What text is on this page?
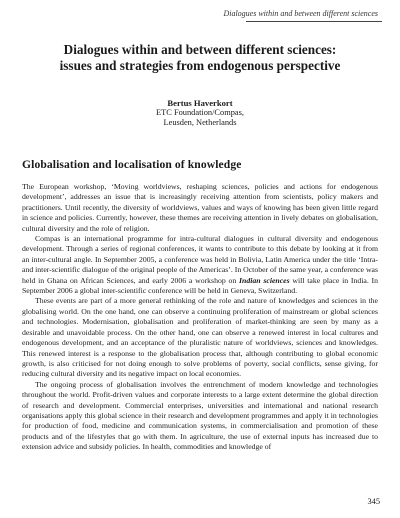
Dialogues within and between different sciences
Dialogues within and between different sciences:
issues and strategies from endogenous perspective
Bertus Haverkort
ETC Foundation/Compas,
Leusden, Netherlands
Globalisation and localisation of knowledge

The European workshop, ‘Moving worldviews, reshaping sciences, policies and actions for endogenous development’, addresses an issue that is increasingly receiving attention from scientists, policy makers and practitioners. Until recently, the diversity of worldviews, values and ways of knowing has been given little regard in science and policies. Currently, however, these themes are receiving attention in lively debates on globalisation, cultural diversity and the role of religion.

Compas is an international programme for intra-cultural dialogues in cultural diversity and endogenous development. Through a series of regional conferences, it wants to contribute to this debate by looking at it from an inter-cultural angle. In September 2005, a conference was held in Bolivia, Latin America under the title ‘Intra- and inter-scientific dialogue of the original people of the Americas’. In October of the same year, a conference was held in Ghana on African Sciences, and early 2006 a workshop on Indian sciences will take place in India. In September 2006 a global inter-scientific conference will be held in Geneva, Switzerland.

These events are part of a more general rethinking of the role and nature of knowledges and sciences in the globalising world. On the one hand, one can observe a continuing proliferation of mainstream or global sciences and technologies. Modernisation, globalisation and proliferation of market-thinking are seen by many as a desirable and unavoidable process. On the other hand, one can observe a renewed interest in local cultures and endogenous development, and an acceptance of the pluralistic nature of worldviews, sciences and knowledges. This renewed interest is a response to the globalisation process that, although contributing to global economic growth, is also criticised for not doing enough to solve problems of poverty, social conflicts, sense giving, for reducing cultural diversity and its negative impact on local economies.

The ongoing process of globalisation involves the entrenchment of modern knowledge and technologies throughout the world. Profit-driven values and corporate interests to a large extent determine the global direction of research and development. Commercial enterprises, universities and international and national research organisations apply this global science in their research and development programmes and apply it in technologies for production of food, medicine and communication systems, in commercialisation and promotion of these products and of the lifestyles that go with them. In agriculture, the use of external inputs has increased due to extension advice and subsidy policies. In health, commodities and knowledge of

345
